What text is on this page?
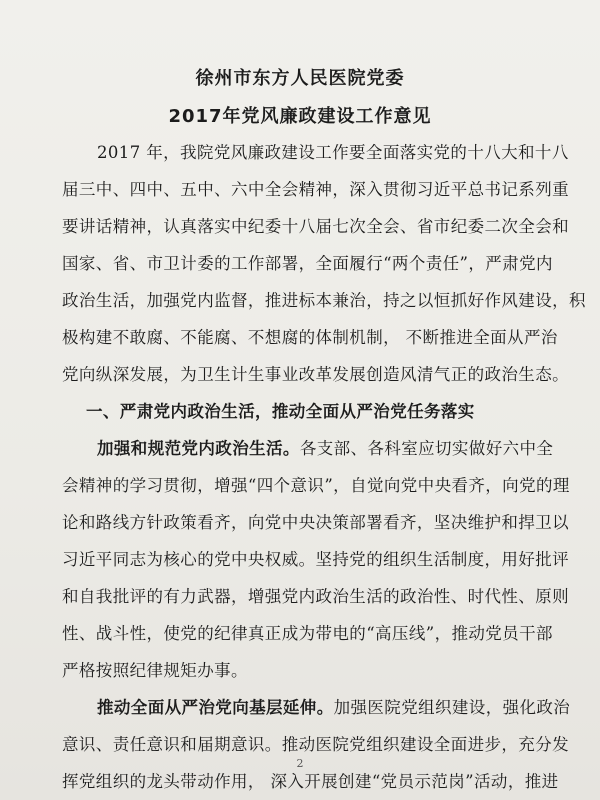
徐州市东方人民医院党委
2017年党风廉政建设工作意见
2017 年，我院党风廉政建设工作要全面落实党的十八大和十八
届三中、四中、五中、六中全会精神，深入贯彻习近平总书记系列重
要讲话精神，认真落实中纪委十八届七次全会、省市纪委二次全会和
国家、省、市卫计委的工作部署，全面履行“两个责任”，严肃党内
政治生活，加强党内监督，推进标本兼治，持之以恒抓好作风建设，积
极构建不敢腐、不能腐、不想腐的体制机制， 不断推进全面从严治
党向纵深发展，为卫生计生事业改革发展创造风清气正的政治生态。
一、严肃党内政治生活，推动全面从严治党任务落实
加强和规范党内政治生活。各支部、各科室应切实做好六中全
会精神的学习贯彻，增强“四个意识”，自觉向党中央看齐，向党的理
论和路线方针政策看齐，向党中央决策部署看齐，坚决维护和捍卫以
习近平同志为核心的党中央权威。坚持党的组织生活制度，用好批评
和自我批评的有力武器，增强党内政治生活的政治性、时代性、原则
性、战斗性，使党的纪律真正成为带电的“高压线”，推动党员干部
严格按照纪律规矩办事。
推动全面从严治党向基层延伸。加强医院党组织建设，强化政治
意识、责任意识和届期意识。推动医院党组织建设全面进步，充分发
挥党组织的龙头带动作用， 深入开展创建“党员示范岗”活动，推进
2
